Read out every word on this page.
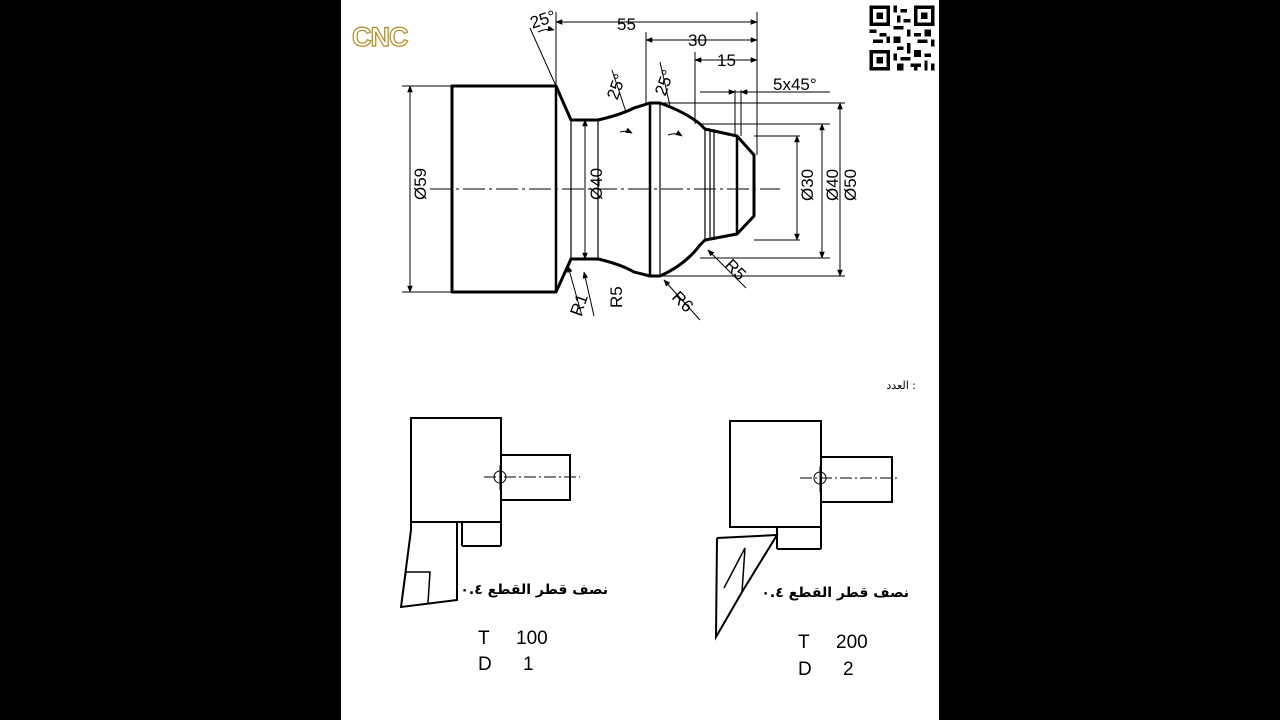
55
30
15
5x45°
25°
25° 25°
Ø59	Ø40	Ø30 Ø40 Ø50
R1 R5 R6
R5
العدد :
نصف قطر القطع ٠.٤
T 100
D 1
نصف قطر القطع ٠.٤
T 200
D 2
CNC
